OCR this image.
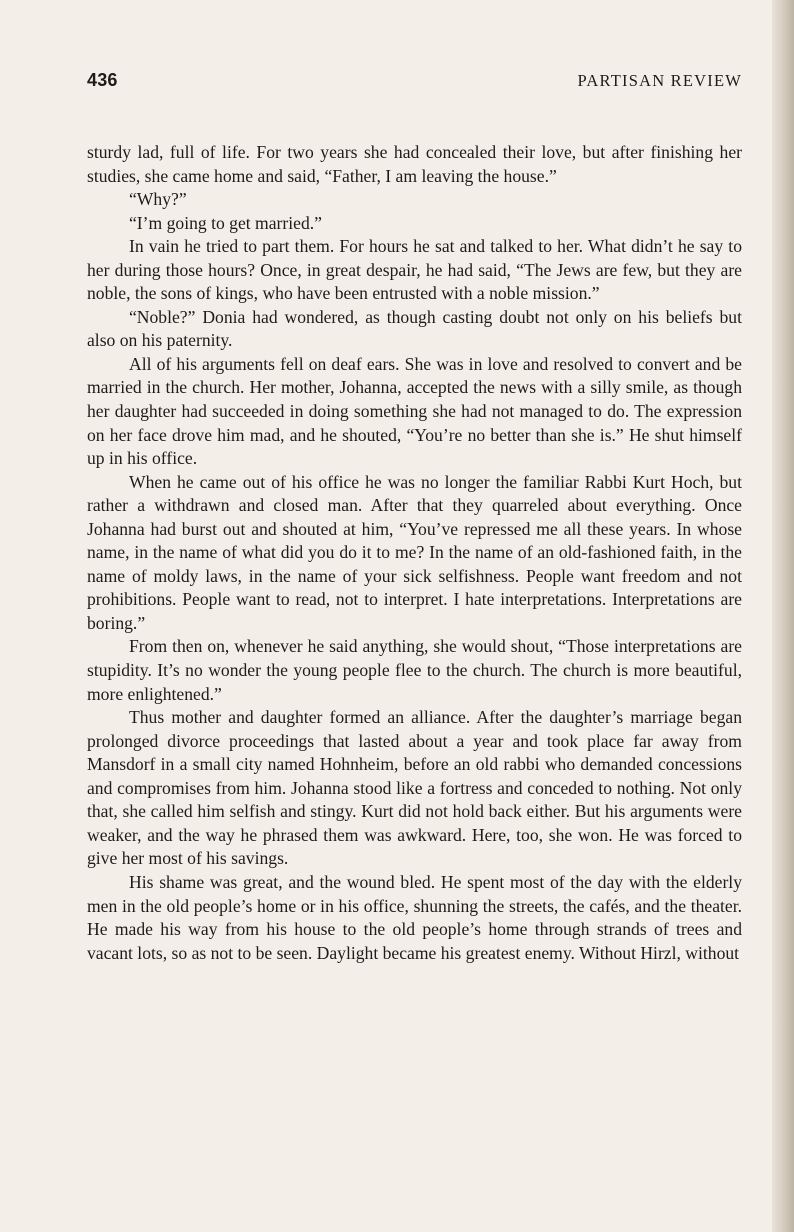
436	PARTISAN REVIEW

sturdy lad, full of life. For two years she had concealed their love, but after finishing her studies, she came home and said, “Father, I am leaving the house.”

“Why?”

“I’m going to get married.”

In vain he tried to part them. For hours he sat and talked to her. What didn’t he say to her during those hours? Once, in great despair, he had said, “The Jews are few, but they are noble, the sons of kings, who have been entrusted with a noble mission.”

“Noble?” Donia had wondered, as though casting doubt not only on his beliefs but also on his paternity.

All of his arguments fell on deaf ears. She was in love and resolved to convert and be married in the church. Her mother, Johanna, accepted the news with a silly smile, as though her daughter had succeeded in doing something she had not managed to do. The expression on her face drove him mad, and he shouted, “You’re no better than she is.” He shut himself up in his office.

When he came out of his office he was no longer the familiar Rabbi Kurt Hoch, but rather a withdrawn and closed man. After that they quarreled about everything. Once Johanna had burst out and shouted at him, “You’ve repressed me all these years. In whose name, in the name of what did you do it to me? In the name of an old-fashioned faith, in the name of moldy laws, in the name of your sick selfishness. People want freedom and not prohibitions. People want to read, not to interpret. I hate interpretations. Interpretations are boring.”

From then on, whenever he said anything, she would shout, “Those interpretations are stupidity. It’s no wonder the young people flee to the church. The church is more beautiful, more enlightened.”

Thus mother and daughter formed an alliance. After the daughter’s marriage began prolonged divorce proceedings that lasted about a year and took place far away from Mansdorf in a small city named Hohnheim, before an old rabbi who demanded concessions and compromises from him. Johanna stood like a fortress and conceded to nothing. Not only that, she called him selfish and stingy. Kurt did not hold back either. But his arguments were weaker, and the way he phrased them was awkward. Here, too, she won. He was forced to give her most of his savings.

His shame was great, and the wound bled. He spent most of the day with the elderly men in the old people’s home or in his office, shunning the streets, the cafés, and the theater. He made his way from his house to the old people’s home through strands of trees and vacant lots, so as not to be seen. Daylight became his greatest enemy. Without Hirzl, without
